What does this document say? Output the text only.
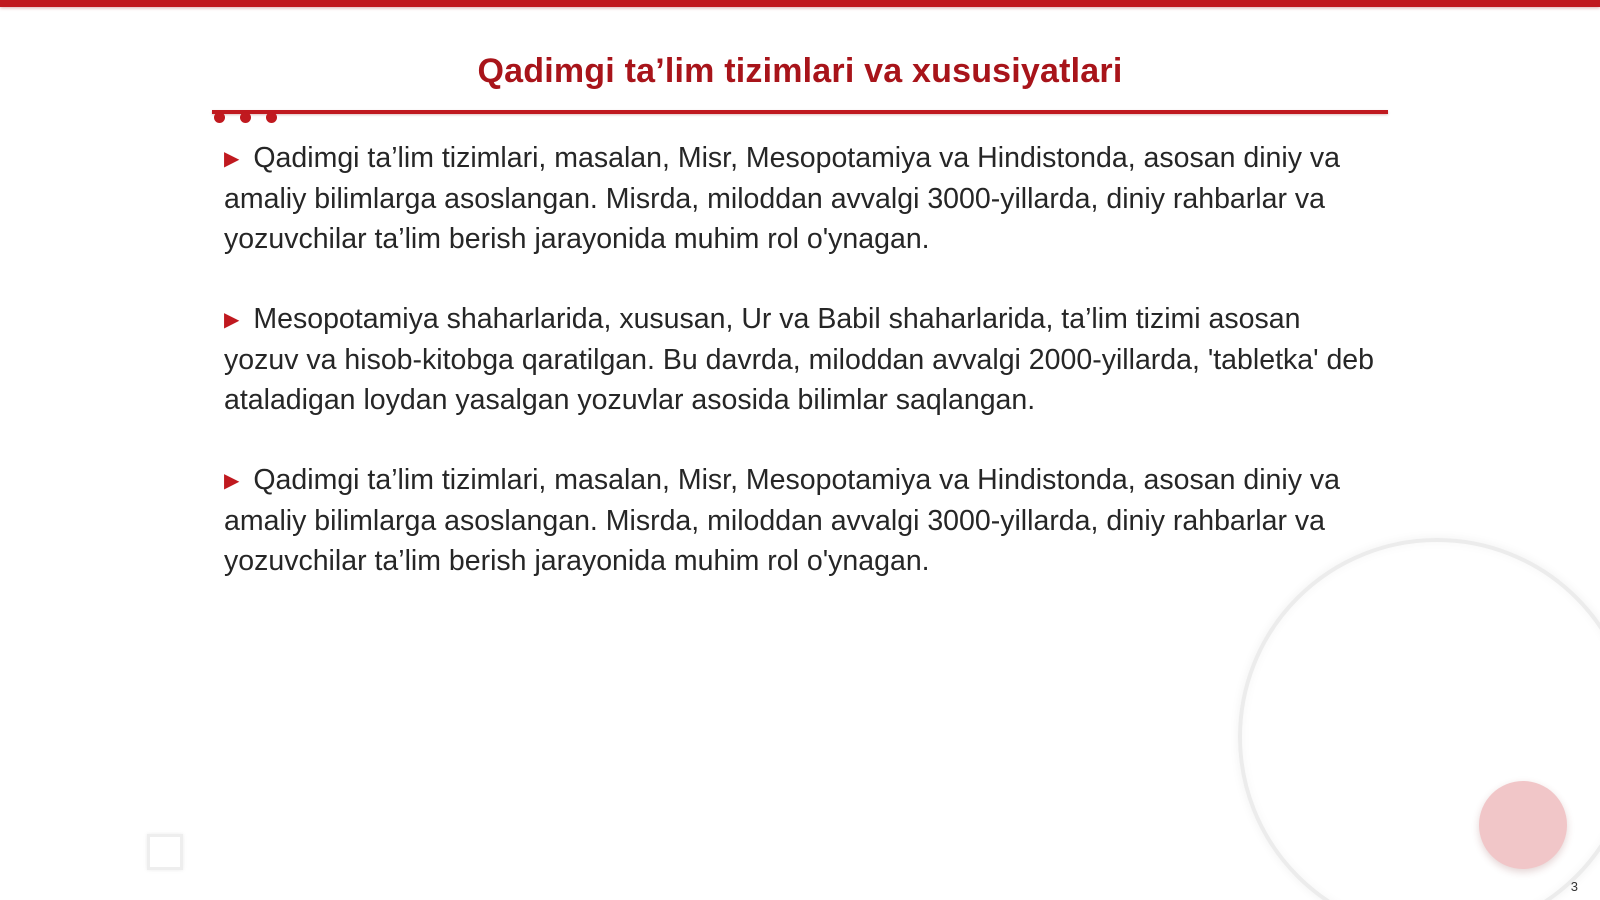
Qadimgi ta’lim tizimlari va xususiyatlari

▶ Qadimgi ta’lim tizimlari, masalan, Misr, Mesopotamiya va Hindistonda, asosan diniy va amaliy bilimlarga asoslangan. Misrda, miloddan avvalgi 3000-yillarda, diniy rahbarlar va yozuvchilar ta’lim berish jarayonida muhim rol o'ynagan.

▶ Mesopotamiya shaharlarida, xususan, Ur va Babil shaharlarida, ta’lim tizimi asosan yozuv va hisob-kitobga qaratilgan. Bu davrda, miloddan avvalgi 2000-yillarda, 'tabletka' deb ataladigan loydan yasalgan yozuvlar asosida bilimlar saqlangan.

▶ Qadimgi ta’lim tizimlari, masalan, Misr, Mesopotamiya va Hindistonda, asosan diniy va amaliy bilimlarga asoslangan. Misrda, miloddan avvalgi 3000-yillarda, diniy rahbarlar va yozuvchilar ta’lim berish jarayonida muhim rol o'ynagan.

3
